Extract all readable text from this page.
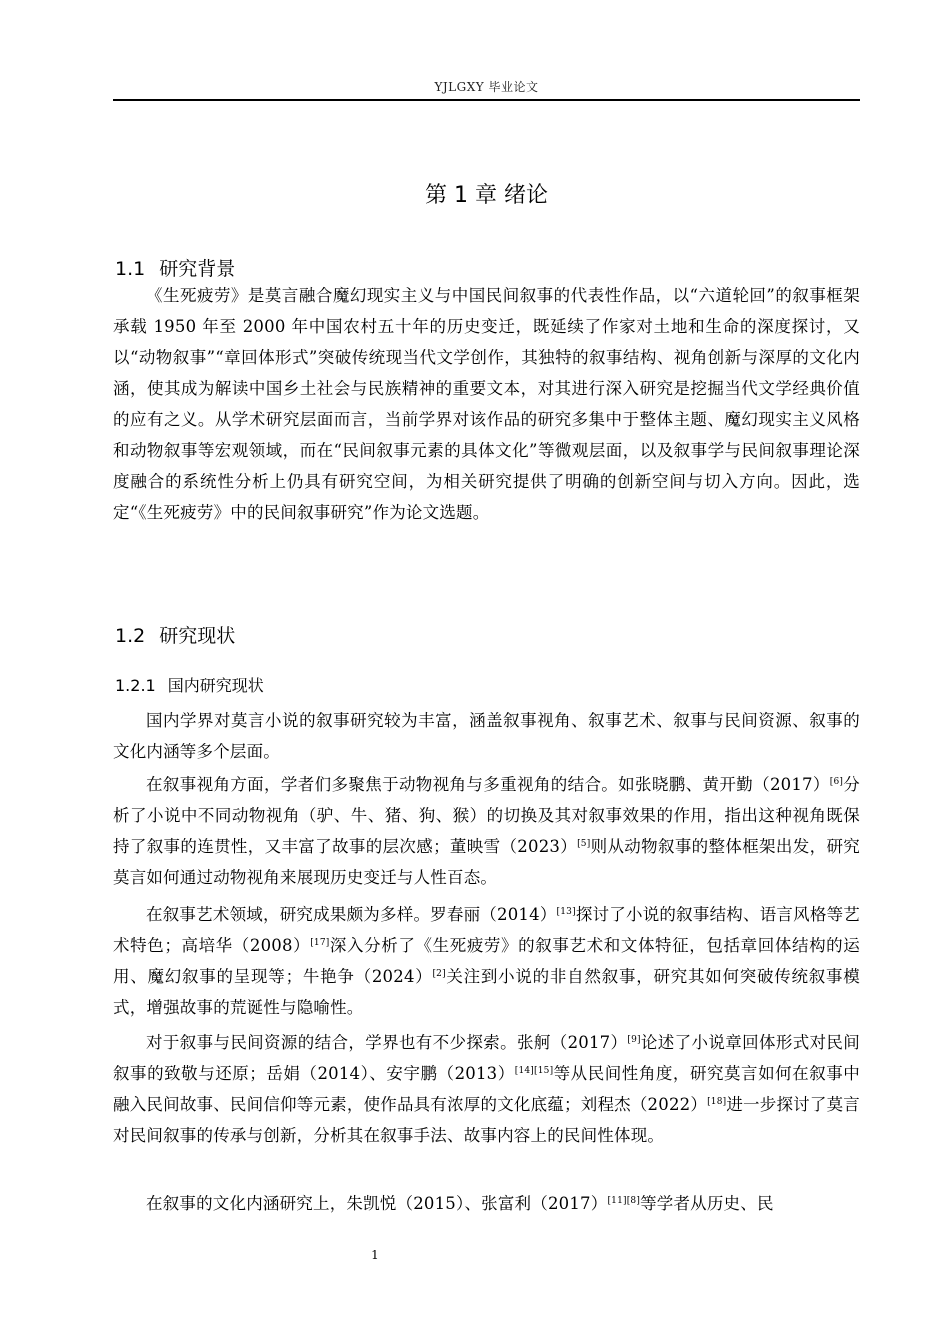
YJLGXY 毕业论文
第 1 章 绪论
1.1 研究背景

《生死疲劳》是莫言融合魔幻现实主义与中国民间叙事的代表性作品，以“六道轮回”的叙事框架承载 1950 年至 2000 年中国农村五十年的历史变迁，既延续了作家对土地和生命的深度探讨，又以“动物叙事”“章回体形式”突破传统现当代文学创作，其独特的叙事结构、视角创新与深厚的文化内涵，使其成为解读中国乡土社会与民族精神的重要文本，对其进行深入研究是挖掘当代文学经典价值的应有之义。从学术研究层面而言，当前学界对该作品的研究多集中于整体主题、魔幻现实主义风格和动物叙事等宏观领域，而在“民间叙事元素的具体文化”等微观层面，以及叙事学与民间叙事理论深度融合的系统性分析上仍具有研究空间，为相关研究提供了明确的创新空间与切入方向。因此，选定“《生死疲劳》中的民间叙事研究”作为论文选题。

1.2 研究现状
1.2.1 国内研究现状

国内学界对莫言小说的叙事研究较为丰富，涵盖叙事视角、叙事艺术、叙事与民间资源、叙事的文化内涵等多个层面。

在叙事视角方面，学者们多聚焦于动物视角与多重视角的结合。如张晓鹏、黄开勤（2017）[6]分析了小说中不同动物视角（驴、牛、猪、狗、猴）的切换及其对叙事效果的作用，指出这种视角既保持了叙事的连贯性，又丰富了故事的层次感；董映雪（2023）[5]则从动物叙事的整体框架出发，研究莫言如何通过动物视角来展现历史变迁与人性百态。

在叙事艺术领域，研究成果颇为多样。罗春丽（2014）[13]探讨了小说的叙事结构、语言风格等艺术特色；高培华（2008）[17]深入分析了《生死疲劳》的叙事艺术和文体特征，包括章回体结构的运用、魔幻叙事的呈现等；牛艳争（2024）[2]关注到小说的非自然叙事，研究其如何突破传统叙事模式，增强故事的荒诞性与隐喻性。

对于叙事与民间资源的结合，学界也有不少探索。张舸（2017）[9]论述了小说章回体形式对民间叙事的致敬与还原；岳娟（2014）、安宇鹏（2013）[14][15]等从民间性角度，研究莫言如何在叙事中融入民间故事、民间信仰等元素，使作品具有浓厚的文化底蕴；刘程杰（2022）[18]进一步探讨了莫言对民间叙事的传承与创新，分析其在叙事手法、故事内容上的民间性体现。

在叙事的文化内涵研究上，朱凯悦（2015）、张富利（2017）[11][8]等学者从历史、民

1
